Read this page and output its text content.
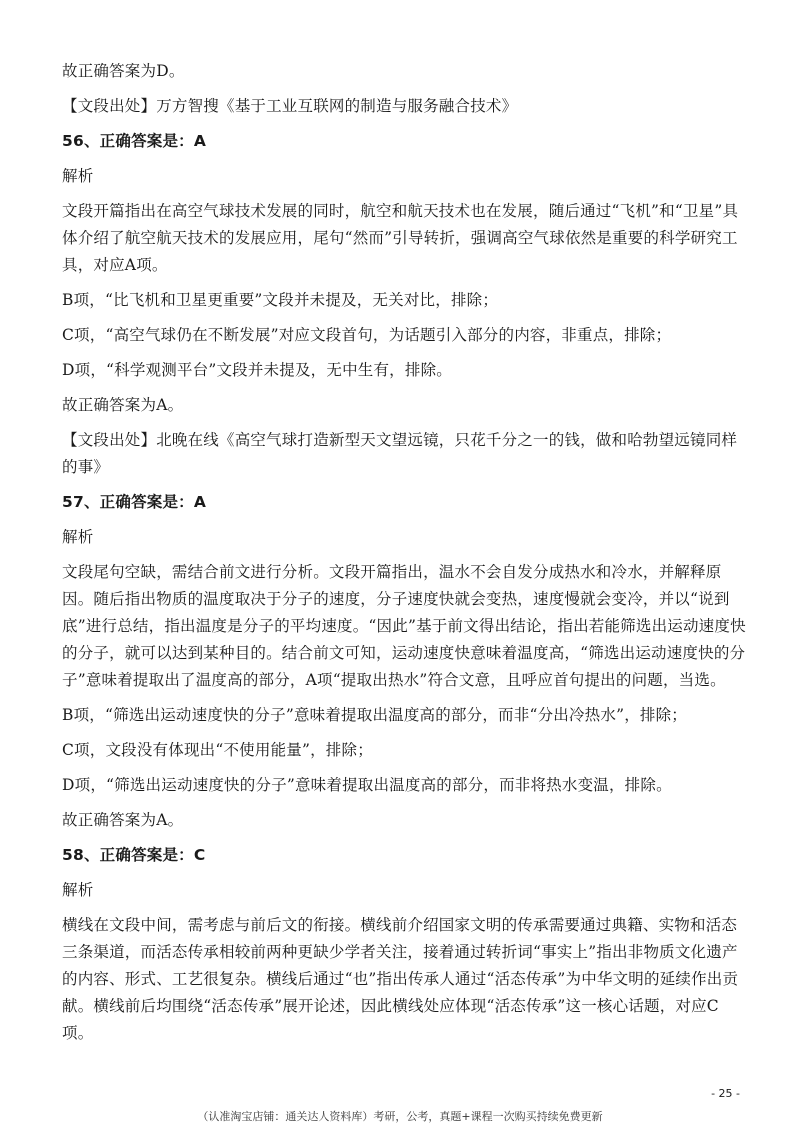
故正确答案为D。

【文段出处】万方智搜《基于工业互联网的制造与服务融合技术》

56、正确答案是：A

解析

文段开篇指出在高空气球技术发展的同时，航空和航天技术也在发展，随后通过“飞机”和“卫星”具体介绍了航空航天技术的发展应用，尾句“然而”引导转折，强调高空气球依然是重要的科学研究工具，对应A项。

B项，“比飞机和卫星更重要”文段并未提及，无关对比，排除；

C项，“高空气球仍在不断发展”对应文段首句，为话题引入部分的内容，非重点，排除；

D项，“科学观测平台”文段并未提及，无中生有，排除。

故正确答案为A。

【文段出处】北晚在线《高空气球打造新型天文望远镜，只花千分之一的钱，做和哈勃望远镜同样的事》

57、正确答案是：A

解析

文段尾句空缺，需结合前文进行分析。文段开篇指出，温水不会自发分成热水和冷水，并解释原因。随后指出物质的温度取决于分子的速度，分子速度快就会变热，速度慢就会变冷，并以“说到底”进行总结，指出温度是分子的平均速度。“因此”基于前文得出结论，指出若能筛选出运动速度快的分子，就可以达到某种目的。结合前文可知，运动速度快意味着温度高，“筛选出运动速度快的分子”意味着提取出了温度高的部分，A项“提取出热水”符合文意，且呼应首句提出的问题，当选。

B项，“筛选出运动速度快的分子”意味着提取出温度高的部分，而非“分出冷热水”，排除；

C项，文段没有体现出“不使用能量”，排除；

D项，“筛选出运动速度快的分子”意味着提取出温度高的部分，而非将热水变温，排除。

故正确答案为A。

58、正确答案是：C

解析

横线在文段中间，需考虑与前后文的衔接。横线前介绍国家文明的传承需要通过典籍、实物和活态三条渠道，而活态传承相较前两种更缺少学者关注，接着通过转折词“事实上”指出非物质文化遗产的内容、形式、工艺很复杂。横线后通过“也”指出传承人通过“活态传承”为中华文明的延续作出贡献。横线前后均围绕“活态传承”展开论述，因此横线处应体现“活态传承”这一核心话题，对应C项。

- 25 -
（认准淘宝店铺：通关达人资料库）考研，公考，真题+课程一次购买持续免费更新
